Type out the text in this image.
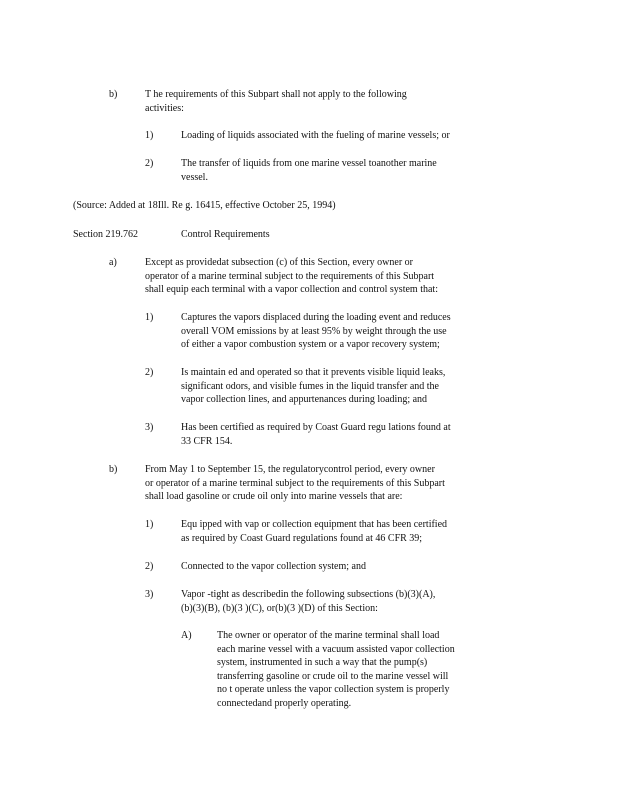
b)	T he requirements of this Subpart shall not apply to the following
activities:
1)	Loading of liquids associated with the fueling of marine vessels; or
2)	The transfer of liquids from one marine vessel toanother marine
vessel.
(Source: Added at 18Ill. Re g. 16415, effective October 25, 1994)
Section 219.762	Control Requirements
a)	Except as providedat subsection (c) of this Section, every owner or
operator of a marine terminal subject to the requirements of this Subpart
shall equip each terminal with a vapor collection and control system that:
1)	Captures the vapors displaced during the loading event and reduces
overall VOM emissions by at least 95% by weight through the use
of either a vapor combustion system or a vapor recovery system;
2)	Is maintain ed and operated so that it prevents visible liquid leaks,
significant odors, and visible fumes in the liquid transfer and the
vapor collection lines, and appurtenances during loading; and
3)	Has been certified as required by Coast Guard regu lations found at
33 CFR 154.
b)	From May 1 to September 15, the regulatorycontrol period, every owner
or operator of a marine terminal subject to the requirements of this Subpart
shall load gasoline or crude oil only into marine vessels that are:
1)	Equ ipped with vap or collection equipment that has been certified
as required by Coast Guard regulations found at 46 CFR 39;
2)	Connected to the vapor collection system; and
3)	Vapor -tight as describedin the following subsections (b)(3)(A),
(b)(3)(B), (b)(3 )(C), or(b)(3 )(D) of this Section:
A)	The owner or operator of the marine terminal shall load
each marine vessel with a vacuum assisted vapor collection
system, instrumented in such a way that the pump(s)
transferring gasoline or crude oil to the marine vessel will
no t operate unless the vapor collection system is properly
connectedand properly operating.
